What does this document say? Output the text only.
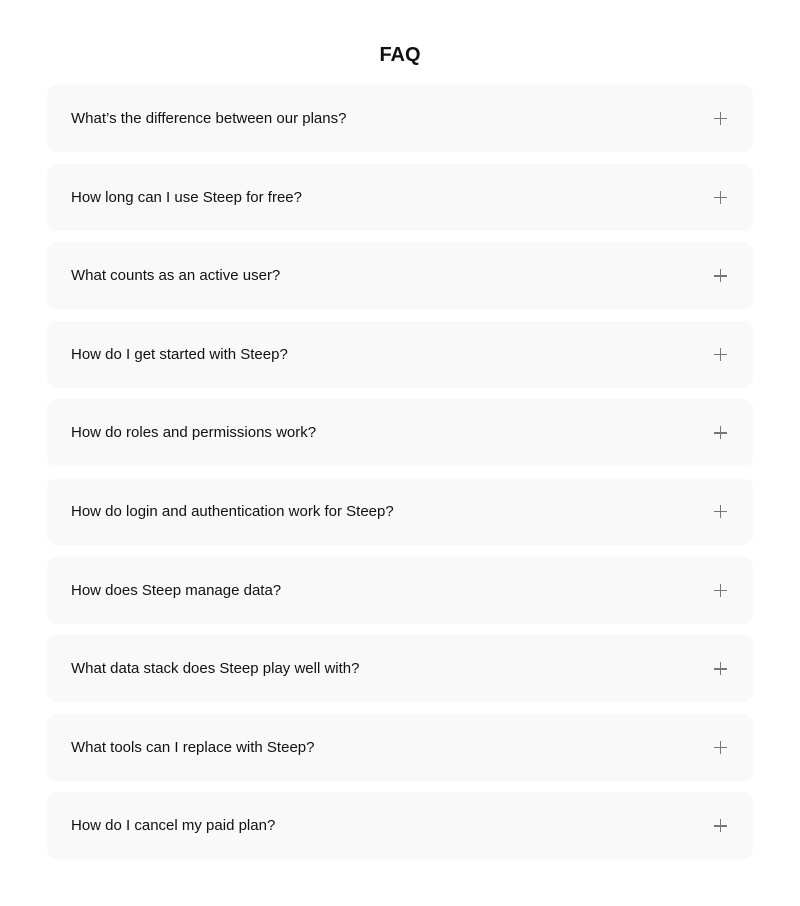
FAQ
What’s the difference between our plans?
How long can I use Steep for free?
What counts as an active user?
How do I get started with Steep?
How do roles and permissions work?
How do login and authentication work for Steep?
How does Steep manage data?
What data stack does Steep play well with?
What tools can I replace with Steep?
How do I cancel my paid plan?
